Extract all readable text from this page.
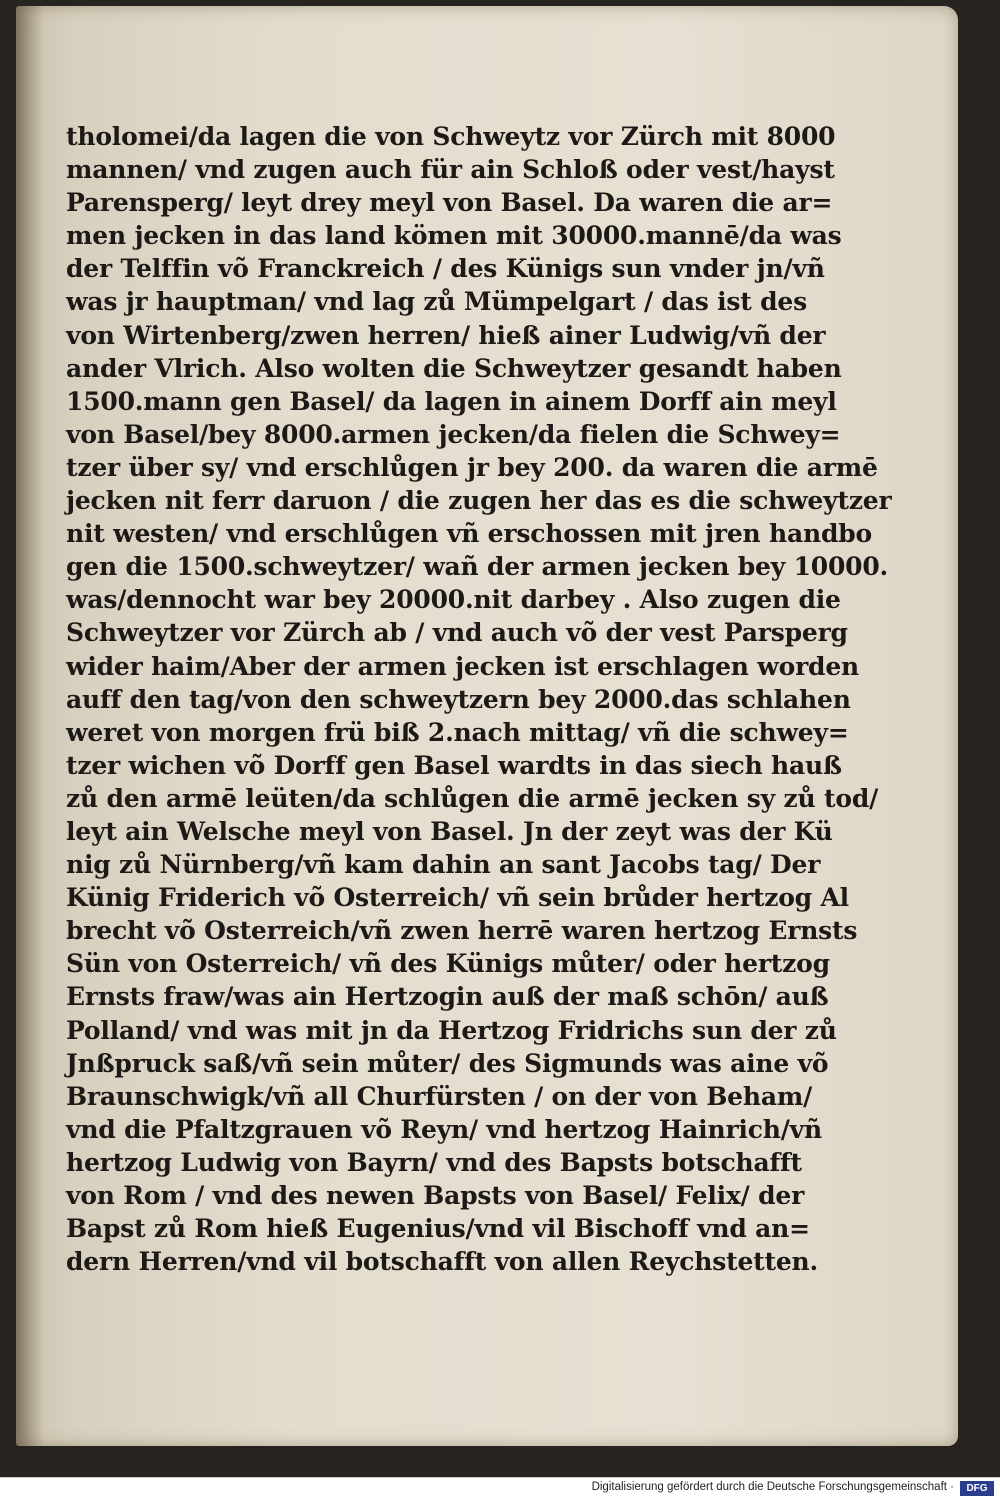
tholomei/da lagen die von Schweytz vor Zürch mit 8000
mannen/ vnd zugen auch für ain Schloß oder vest/hayst
Parensperg/ leyt drey meyl von Basel. Da waren die ar=
men jecken in das land kömen mit 30000.mannē/da was
der Telffin võ Franckreich / des Künigs sun vnder jn/vñ
was jr hauptman/ vnd lag zů Mümpelgart / das ist des
von Wirtenberg/zwen herren/ hieß ainer Ludwig/vñ der
ander Vlrich. Also wolten die Schweytzer gesandt haben
1500.mann gen Basel/ da lagen in ainem Dorff ain meyl
von Basel/bey 8000.armen jecken/da fielen die Schwey=
tzer über sy/ vnd erschlůgen jr bey 200. da waren die armē
jecken nit ferr daruon / die zugen her das es die schweytzer
nit westen/ vnd erschlůgen vñ erschossen mit jren handbo
gen die 1500.schweytzer/ wañ der armen jecken bey 10000.
was/dennocht war bey 20000.nit darbey . Also zugen die
Schweytzer vor Zürch ab / vnd auch võ der vest Parsperg
wider haim/Aber der armen jecken ist erschlagen worden
auff den tag/von den schweytzern bey 2000.das schlahen
weret von morgen frü biß 2.nach mittag/ vñ die schwey=
tzer wichen võ Dorff gen Basel wardts in das siech hauß
zů den armē leüten/da schlůgen die armē jecken sy zů tod/
leyt ain Welsche meyl von Basel. Jn der zeyt was der Kü
nig zů Nürnberg/vñ kam dahin an sant Jacobs tag/ Der
Künig Friderich võ Osterreich/ vñ sein brůder hertzog Al
brecht võ Osterreich/vñ zwen herrē waren hertzog Ernsts
Sün von Osterreich/ vñ des Künigs můter/ oder hertzog
Ernsts fraw/was ain Hertzogin auß der maß schōn/ auß
Polland/ vnd was mit jn da Hertzog Fridrichs sun der zů
Jnßpruck saß/vñ sein můter/ des Sigmunds was aine võ
Braunschwigk/vñ all Churfürsten / on der von Beham/
vnd die Pfaltzgrauen võ Reyn/ vnd hertzog Hainrich/vñ
hertzog Ludwig von Bayrn/ vnd des Bapsts botschafft
von Rom / vnd des newen Bapsts von Basel/ Felix/ der
Bapst zů Rom hieß Eugenius/vnd vil Bischoff vnd an=
dern Herren/vnd vil botschafft von allen Reychstetten.
Digitalisierung gefördert durch die Deutsche Forschungsgemeinschaft ·	DFG
